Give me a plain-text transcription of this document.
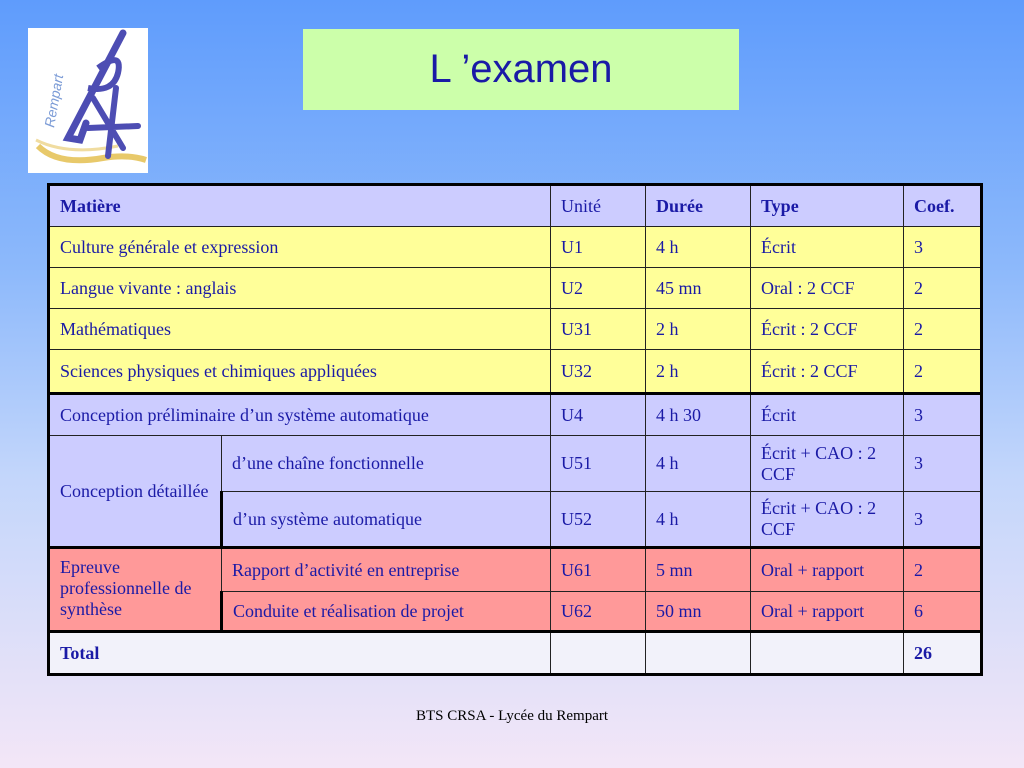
Rempart
L ’examen
Matière		Unité	Durée	Type	Coef.
Culture générale et expression		U1	4 h	Écrit	3
Langue vivante : anglais		U2	45 mn	Oral : 2 CCF	2
Mathématiques		U31	2 h	Écrit : 2 CCF	2
Sciences physiques et chimiques appliquées		U32	2 h	Écrit : 2 CCF	2
Conception préliminaire d’un système automatique		U4	4 h 30	Écrit	3
Conception détaillée	d’une chaîne fonctionnelle	U51	4 h	Écrit + CAO : 2 CCF	3
	d’un système automatique	U52	4 h	Écrit + CAO : 2 CCF	3
Epreuve professionnelle de synthèse	Rapport d’activité en entreprise	U61	5 mn	Oral + rapport	2
	Conduite et réalisation de projet	U62	50 mn	Oral + rapport	6
Total					26
BTS CRSA - Lycée du Rempart
